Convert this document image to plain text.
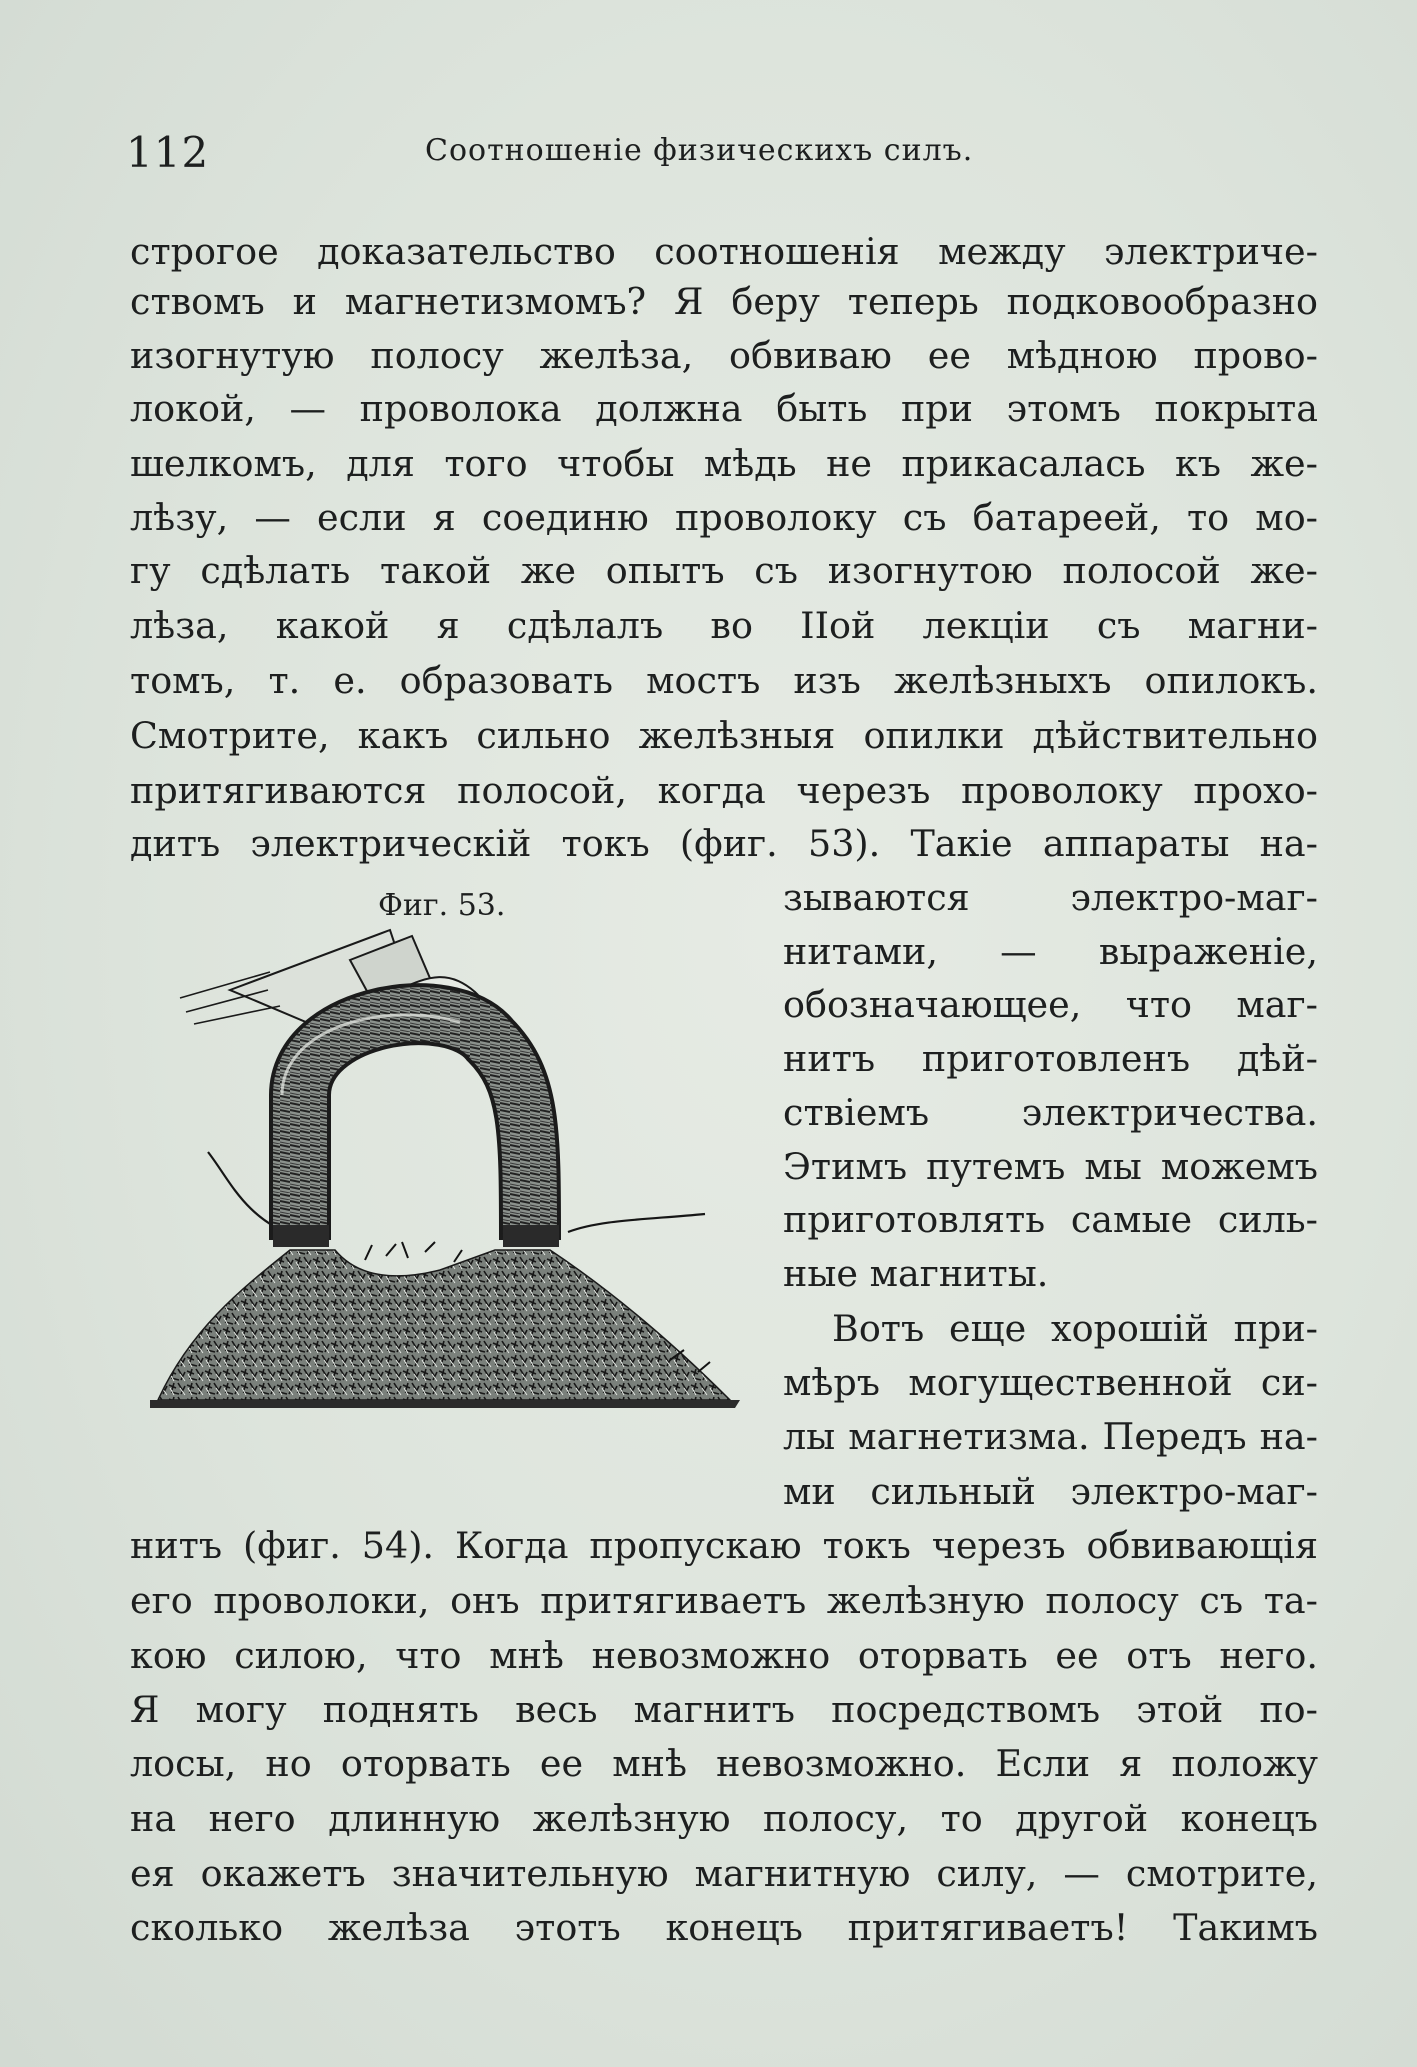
112	Соотношеніе физическихъ силъ.
строгое доказательство соотношенія между электриче-
ствомъ и магнетизмомъ? Я беру теперь подковообразно
изогнутую полосу желѣза, обвиваю ее мѣдною прово-
локой, — проволока должна быть при этомъ покрыта
шелкомъ, для того чтобы мѣдь не прикасалась къ же-
лѣзу, — если я соединю проволоку съ батареей, то мо-
гу сдѣлать такой же опытъ съ изогнутою полосой же-
лѣза, какой я сдѣлалъ во IIой лекціи съ магни-
томъ, т. е. образовать мостъ изъ желѣзныхъ опилокъ.
Смотрите, какъ сильно желѣзныя опилки дѣйствительно
притягиваются полосой, когда черезъ проволоку прохо-
дитъ электрическій токъ (фиг. 53). Такіе аппараты на-
Фиг. 53.	зываются электро-маг-
нитами, — выраженіе,
обозначающее, что маг-
нитъ приготовленъ дѣй-
ствіемъ электричества.
Этимъ путемъ мы можемъ
приготовлять самые силь-
ные магниты.
Вотъ еще хорошій при-
мѣръ могущественной си-
лы магнетизма. Передъ на-
ми сильный электро-маг-
нитъ (фиг. 54). Когда пропускаю токъ черезъ обвивающія
его проволоки, онъ притягиваетъ желѣзную полосу съ та-
кою силою, что мнѣ невозможно оторвать ее отъ него.
Я могу поднять весь магнитъ посредствомъ этой по-
лосы, но оторвать ее мнѣ невозможно. Если я положу
на него длинную желѣзную полосу, то другой конецъ
ея окажетъ значительную магнитную силу, — смотрите,
сколько желѣза этотъ конецъ притягиваетъ! Такимъ
